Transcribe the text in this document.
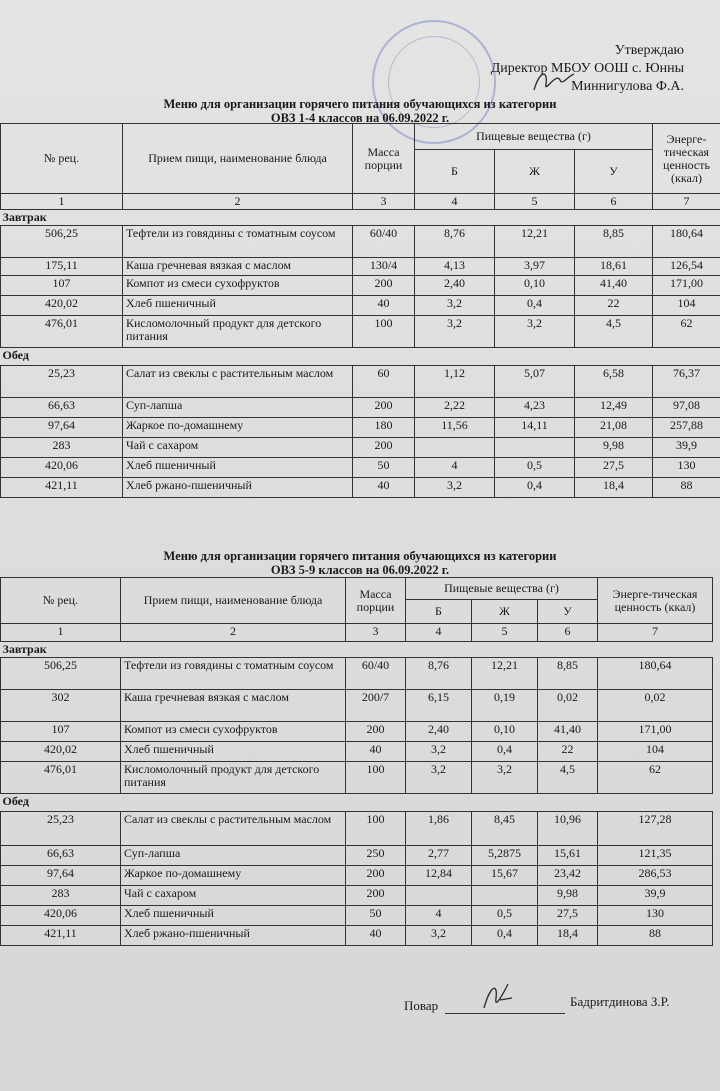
Утверждаю
Директор МБОУ ООШ с. Юнны
Миннигулова Ф.А.
Меню для организации горячего питания обучающихся из категории
ОВЗ 1-4 классов на 06.09.2022 г.
№ рец.	Прием пищи, наименование блюда	Масса порции	Пищевые вещества (г)			Энерге-тическая ценность (ккал)
			Б	Ж	У	
1	2	3	4	5	6	7
Завтрак						
506,25	Тефтели из говядины с томатным соусом	60/40	8,76	12,21	8,85	180,64
175,11	Каша гречневая вязкая с маслом	130/4	4,13	3,97	18,61	126,54
107	Компот из смеси сухофруктов	200	2,40	0,10	41,40	171,00
420,02	Хлеб пшеничный	40	3,2	0,4	22	104
476,01	Кисломолочный продукт для детского питания	100	3,2	3,2	4,5	62
Обед						
25,23	Салат из свеклы с растительным маслом	60	1,12	5,07	6,58	76,37
66,63	Суп-лапша	200	2,22	4,23	12,49	97,08
97,64	Жаркое по-домашнему	180	11,56	14,11	21,08	257,88
283	Чай с сахаром	200			9,98	39,9
420,06	Хлеб пшеничный	50	4	0,5	27,5	130
421,11	Хлеб ржано-пшеничный	40	3,2	0,4	18,4	88
Меню для организации горячего питания обучающихся из категории
ОВЗ 5-9 классов на 06.09.2022 г.
№ рец.	Прием пищи, наименование блюда	Масса порции	Пищевые вещества (г)			Энерге-тическая ценность (ккал)
			Б	Ж	У	
1	2	3	4	5	6	7
Завтрак						
506,25	Тефтели из говядины с томатным соусом	60/40	8,76	12,21	8,85	180,64
302	Каша гречневая вязкая с маслом	200/7	6,15	0,19	0,02	0,02
107	Компот из смеси сухофруктов	200	2,40	0,10	41,40	171,00
420,02	Хлеб пшеничный	40	3,2	0,4	22	104
476,01	Кисломолочный продукт для детского питания	100	3,2	3,2	4,5	62
Обед						
25,23	Салат из свеклы с растительным маслом	100	1,86	8,45	10,96	127,28
66,63	Суп-лапша	250	2,77	5,2875	15,61	121,35
97,64	Жаркое по-домашнему	200	12,84	15,67	23,42	286,53
283	Чай с сахаром	200			9,98	39,9
420,06	Хлеб пшеничный	50	4	0,5	27,5	130
421,11	Хлеб ржано-пшеничный	40	3,2	0,4	18,4	88
Повар	Бадритдинова З.Р.
